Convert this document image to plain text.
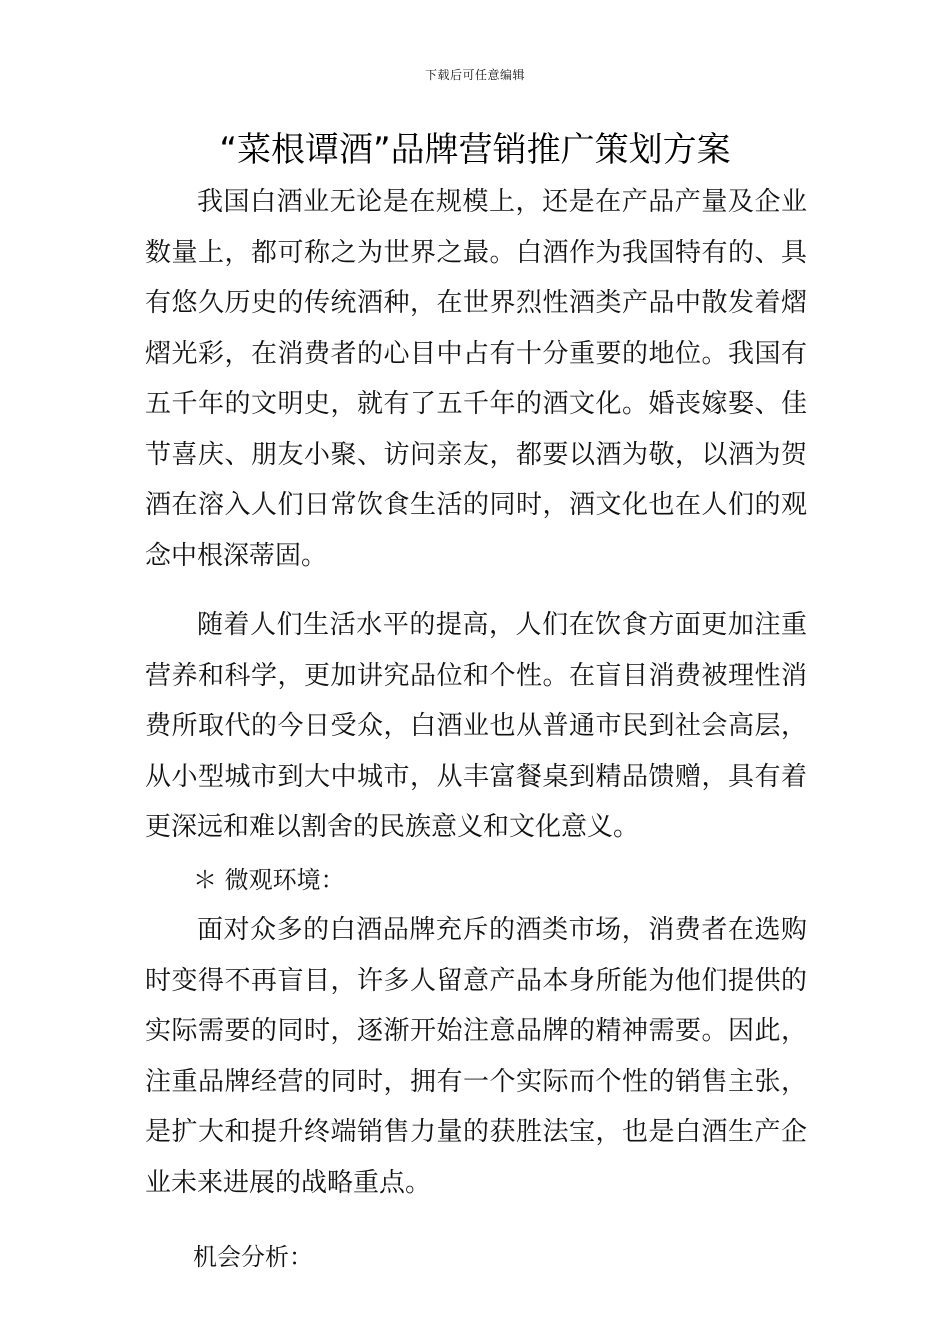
下载后可任意编辑
“菜根谭酒”品牌营销推广策划方案

我国白酒业无论是在规模上，还是在产品产量及企业数量上，都可称之为世界之最。白酒作为我国特有的、具有悠久历史的传统酒种，在世界烈性酒类产品中散发着熠熠光彩，在消费者的心目中占有十分重要的地位。我国有五千年的文明史，就有了五千年的酒文化。婚丧嫁娶、佳节喜庆、朋友小聚、访问亲友，都要以酒为敬，以酒为贺酒在溶入人们日常饮食生活的同时，酒文化也在人们的观念中根深蒂固。

随着人们生活水平的提高，人们在饮食方面更加注重营养和科学，更加讲究品位和个性。在盲目消费被理性消费所取代的今日受众，白酒业也从普通市民到社会高层，从小型城市到大中城市，从丰富餐桌到精品馈赠，具有着更深远和难以割舍的民族意义和文化意义。

＊ 微观环境：

面对众多的白酒品牌充斥的酒类市场，消费者在选购时变得不再盲目，许多人留意产品本身所能为他们提供的实际需要的同时，逐渐开始注意品牌的精神需要。因此，注重品牌经营的同时，拥有一个实际而个性的销售主张，是扩大和提升终端销售力量的获胜法宝，也是白酒生产企业未来进展的战略重点。

机会分析：
